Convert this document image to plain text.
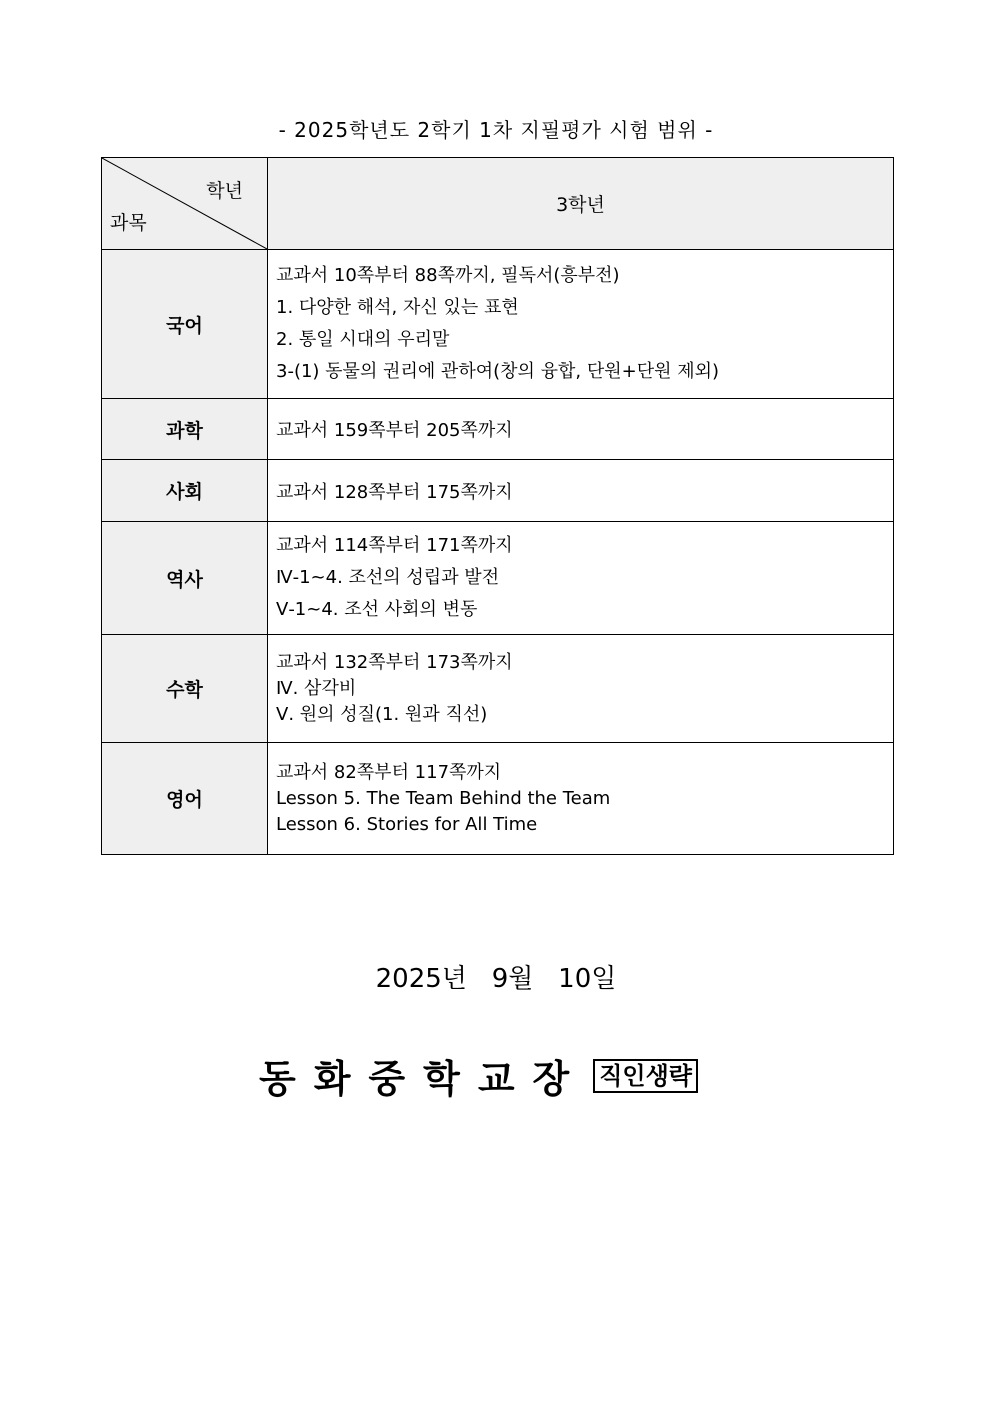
- 2025학년도 2학기 1차 지필평가 시험 범위 -
학년
과목	3학년
국어	교과서 10쪽부터 88쪽까지, 필독서(흥부전)
1. 다양한 해석, 자신 있는 표현
2. 통일 시대의 우리말
3-(1) 동물의 권리에 관하여(창의 융합, 단원+단원 제외)

과학	교과서 159쪽부터 205쪽까지

사회	교과서 128쪽부터 175쪽까지

역사	교과서 114쪽부터 171쪽까지
Ⅳ-1~4. 조선의 성립과 발전
Ⅴ-1~4. 조선 사회의 변동

수학	교과서 132쪽부터 173쪽까지
Ⅳ. 삼각비
Ⅴ. 원의 성질(1. 원과 직선)

영어	교과서 82쪽부터 117쪽까지
Lesson 5. The Team Behind the Team
Lesson 6. Stories for All Time
2025년   9월   10일
동화중학교장 직인생략
